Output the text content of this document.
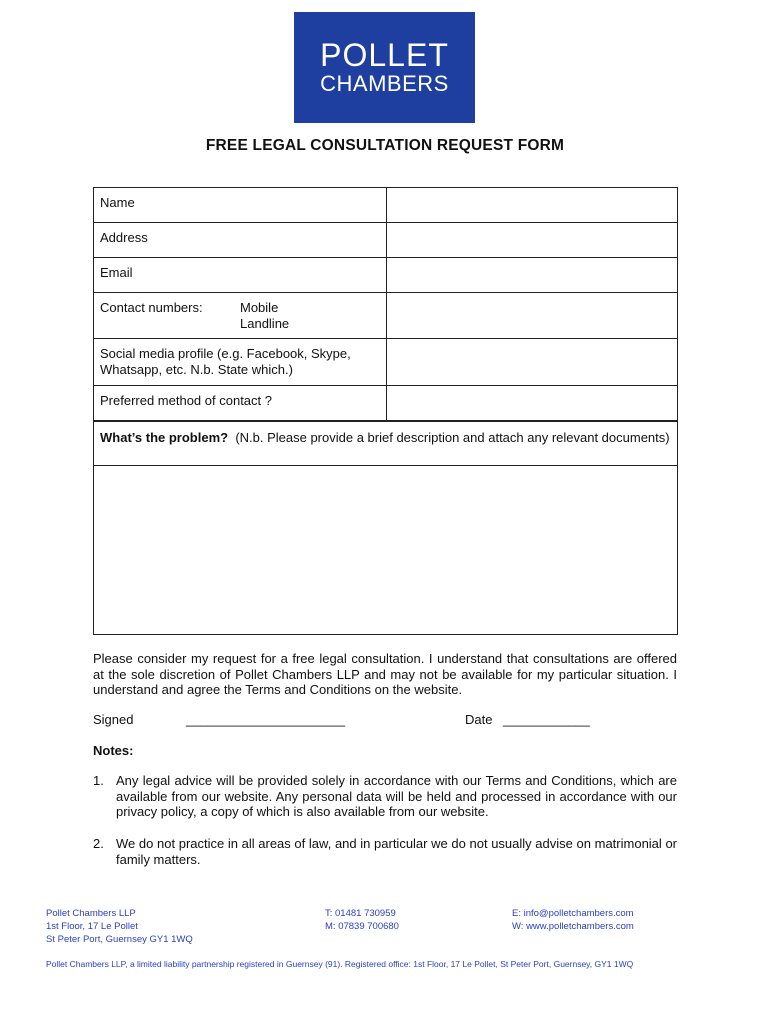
POLLET
CHAMBERS
FREE LEGAL CONSULTATION REQUEST FORM
Name	
Address	
Email	

Contact numbers: Mobile
Landline	

Social media profile (e.g. Facebook, Skype,
Whatsapp, etc. N.b. State which.)	
Preferred method of contact ?	
What’s the problem? (N.b. Please provide a brief description and attach any relevant documents)
Please consider my request for a free legal consultation. I understand that consultations are offered at the sole discretion of Pollet Chambers LLP and may not be available for my particular situation. I understand and agree the Terms and Conditions on the website.
Signed	______________________	Date ____________
Notes:
1. Any legal advice will be provided solely in accordance with our Terms and Conditions, which are available from our website. Any personal data will be held and processed in accordance with our privacy policy, a copy of which is also available from our website.
2. We do not practice in all areas of law, and in particular we do not usually advise on matrimonial or family matters.
Pollet Chambers LLP
1st Floor, 17 Le Pollet
St Peter Port, Guernsey GY1 1WQ
T: 01481 730959
M: 07839 700680
E: info@polletchambers.com
W: www.polletchambers.com
Pollet Chambers LLP, a limited liability partnership registered in Guernsey (91). Registered office: 1st Floor, 17 Le Pollet, St Peter Port, Guernsey, GY1 1WQ
